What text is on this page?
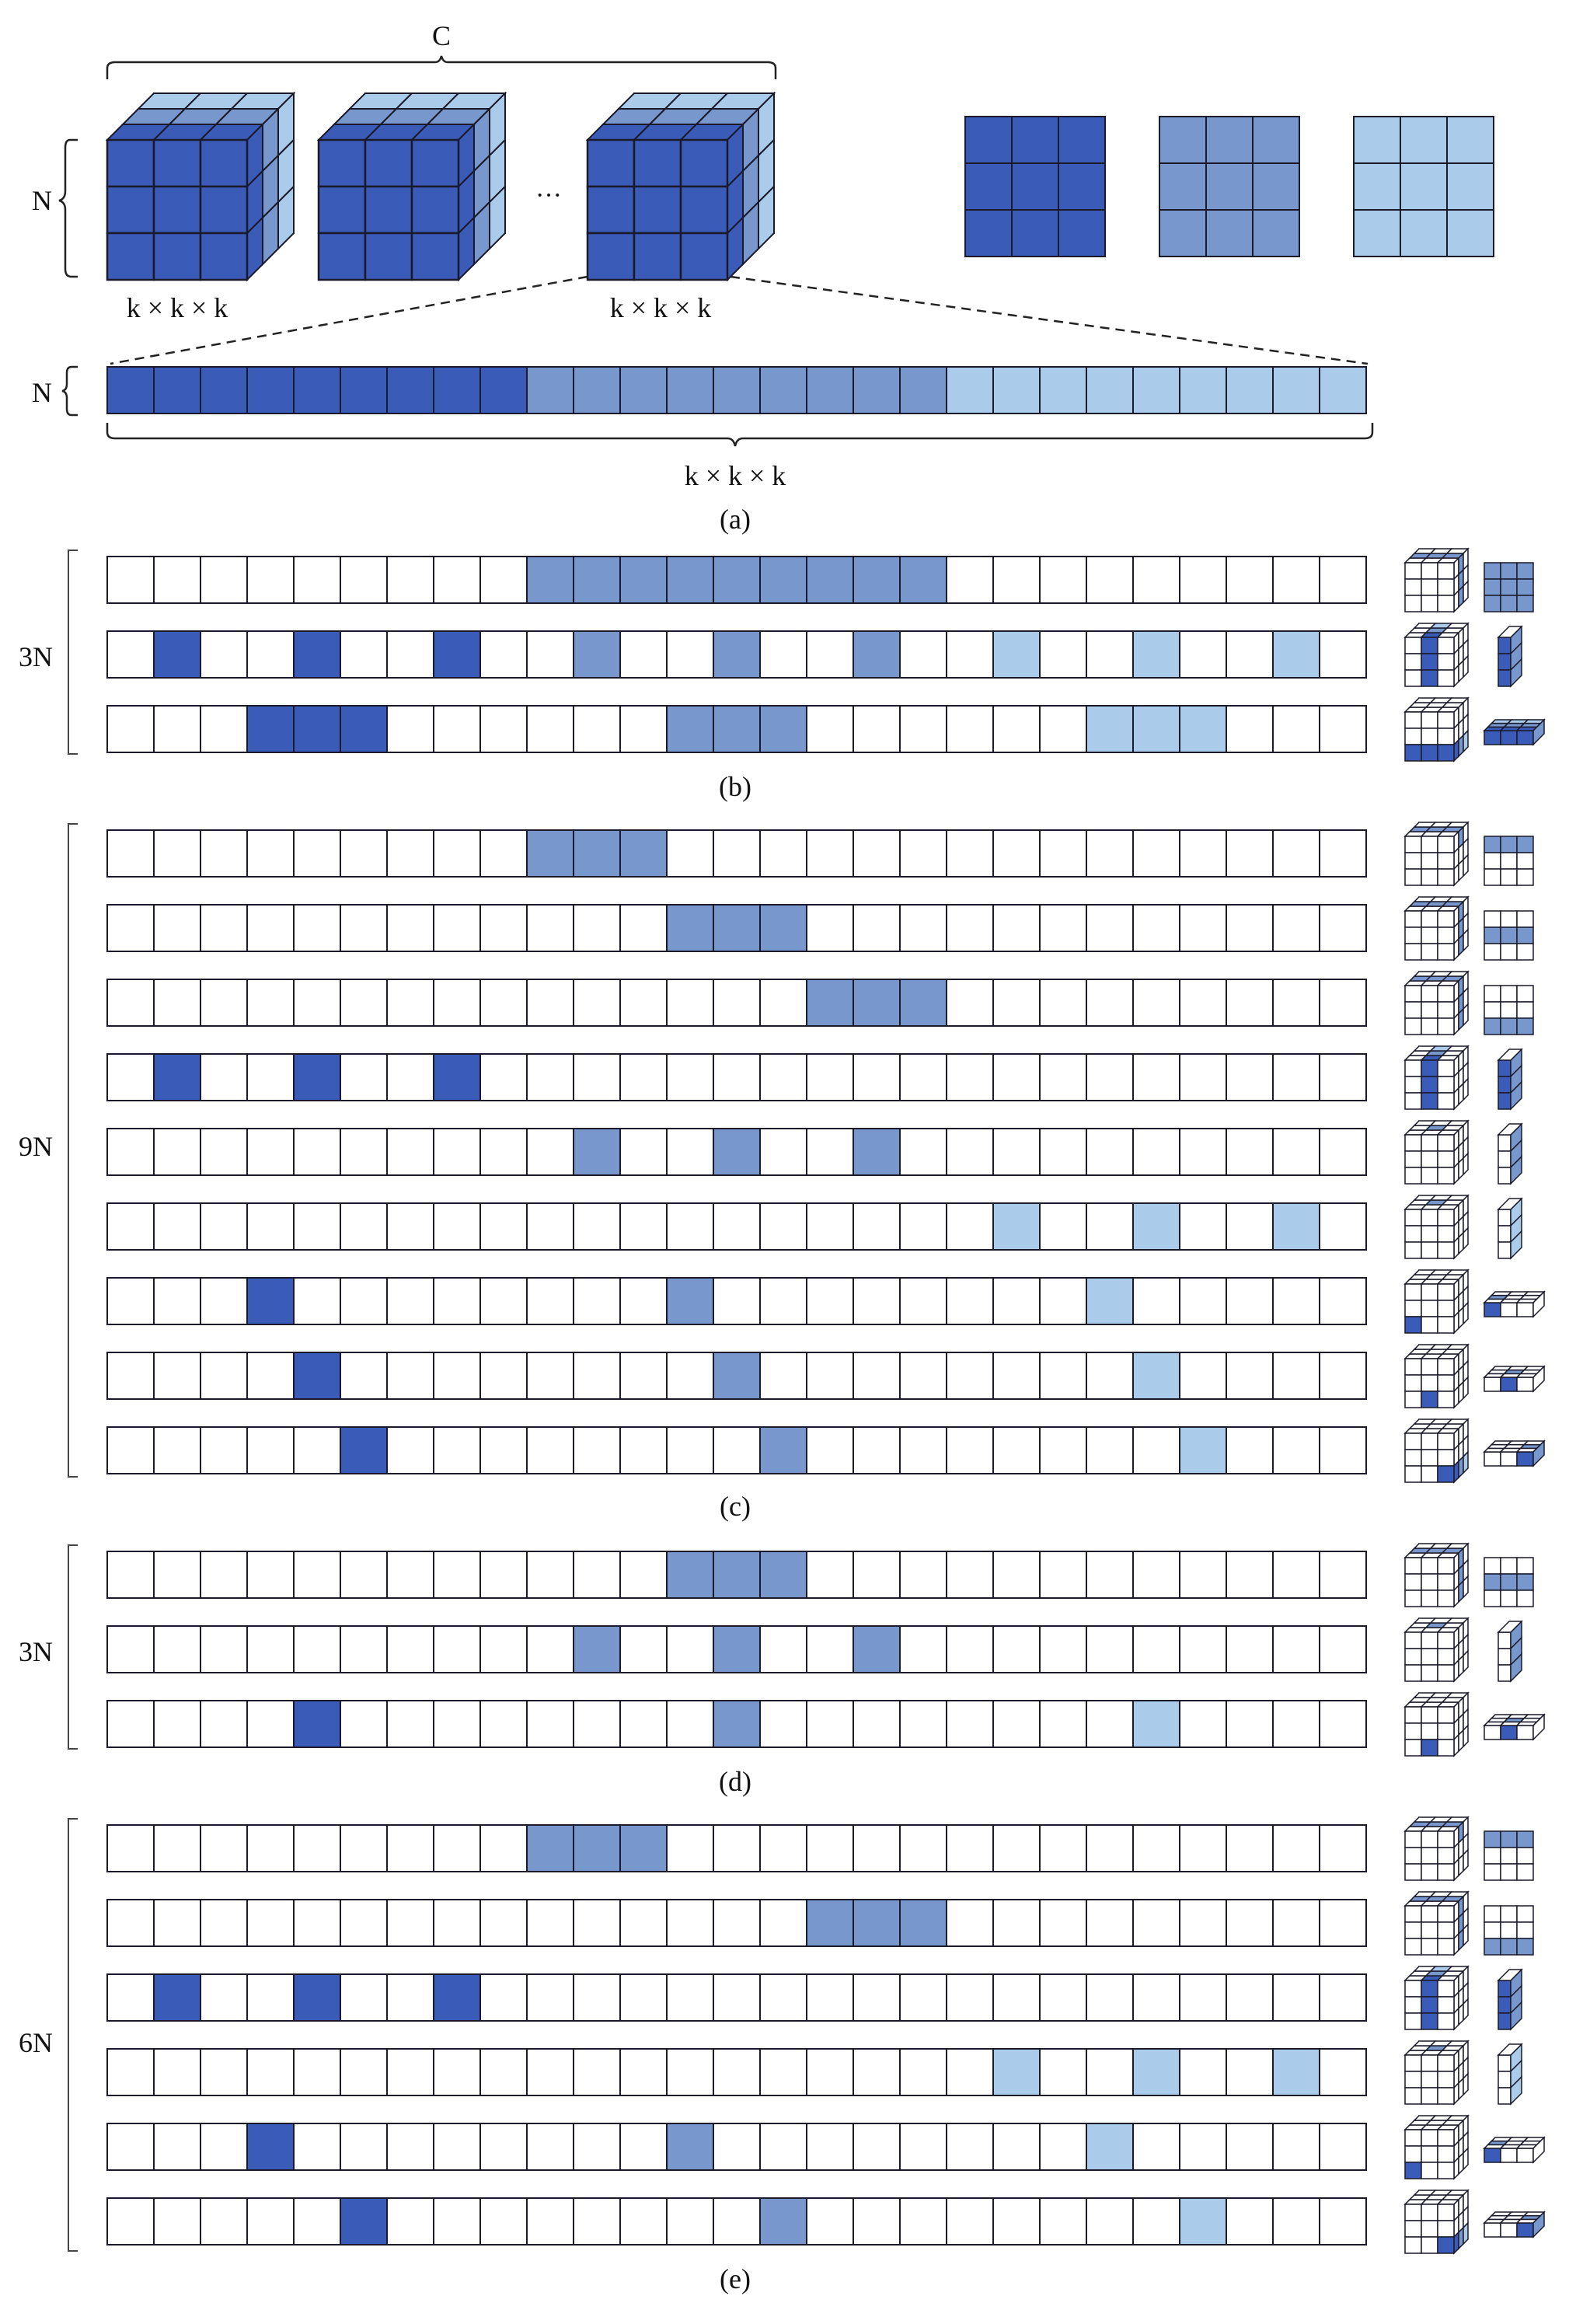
C
N	···
k × k × k	k × k × k
N
k × k × k
(a)
3N
(b)
9N
(c)
3N
(d)
6N
(e)
